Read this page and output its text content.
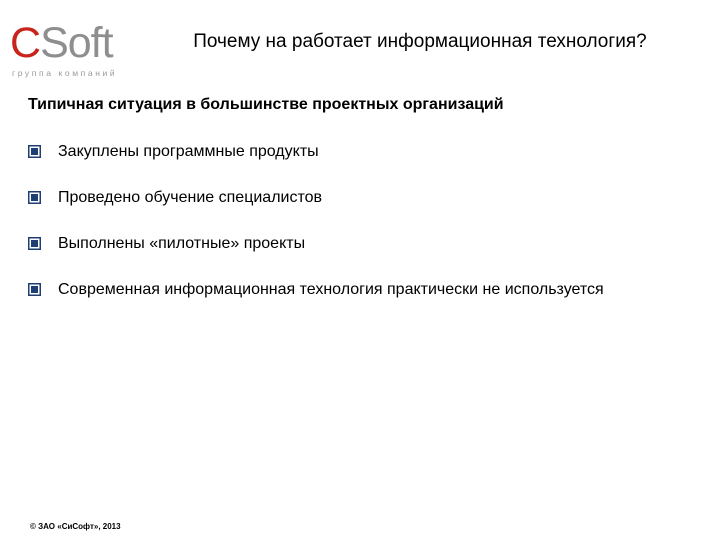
CSoft
группа компаний
Почему на работает информационная технология?
Типичная ситуация в большинстве проектных организаций
Закуплены программные продукты
Проведено обучение специалистов
Выполнены «пилотные» проекты
Современная информационная технология практически не используется
© ЗАО «СиСофт», 2013
